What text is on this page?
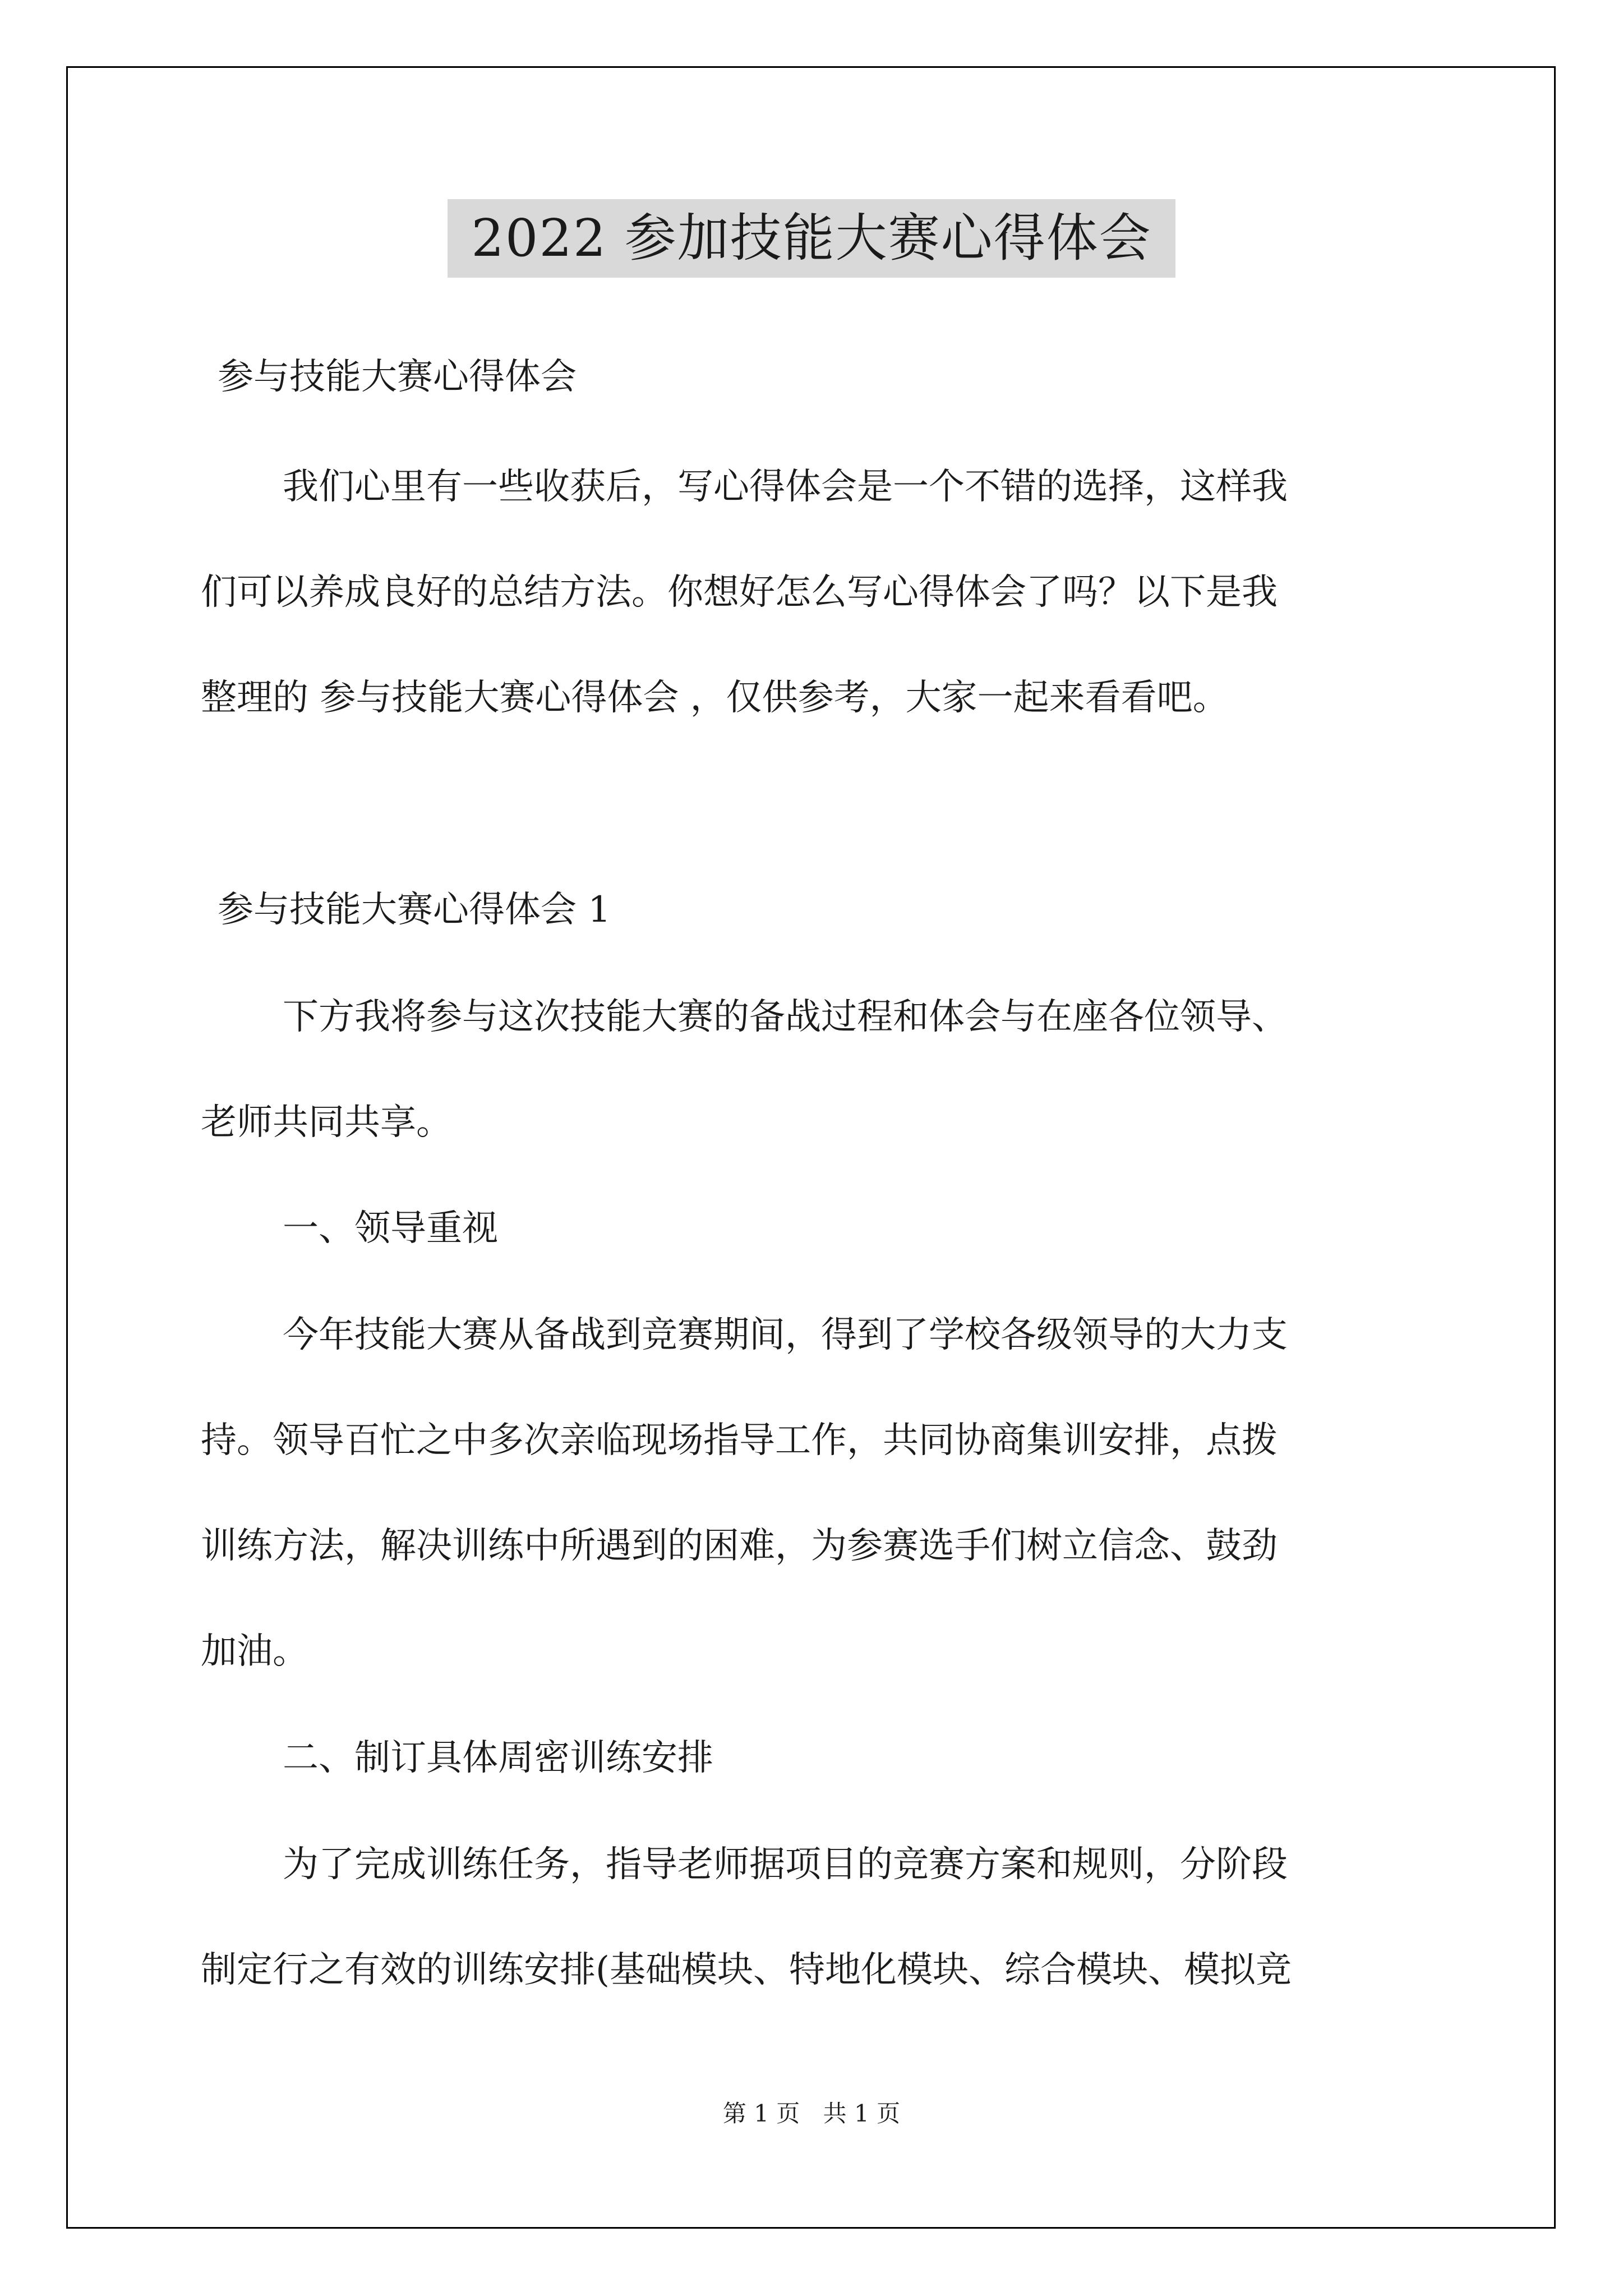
2022 参加技能大赛心得体会
参与技能大赛心得体会
我们心里有一些收获后，写心得体会是一个不错的选择，这样我
们可以养成良好的总结方法。你想好怎么写心得体会了吗？以下是我
整理的 参与技能大赛心得体会 ，仅供参考，大家一起来看看吧。
参与技能大赛心得体会 1
下方我将参与这次技能大赛的备战过程和体会与在座各位领导、
老师共同共享。
一、领导重视
今年技能大赛从备战到竞赛期间，得到了学校各级领导的大力支
持。领导百忙之中多次亲临现场指导工作，共同协商集训安排，点拨
训练方法，解决训练中所遇到的困难，为参赛选手们树立信念、鼓劲
加油。
二、制订具体周密训练安排
为了完成训练任务，指导老师据项目的竞赛方案和规则，分阶段
制定行之有效的训练安排(基础模块、特地化模块、综合模块、模拟竞
第 1 页 共 1 页
